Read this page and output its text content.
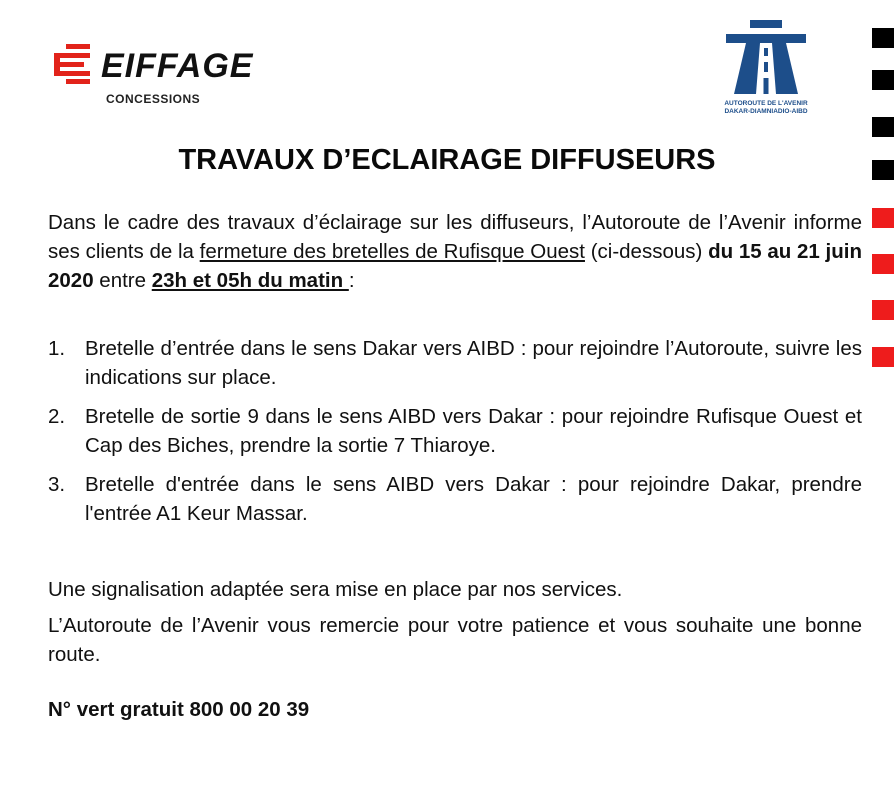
EIFFAGE
CONCESSIONS	AUTOROUTE DE L'AVENIR
DAKAR-DIAMNIADIO-AIBD
TRAVAUX D’ECLAIRAGE DIFFUSEURS

Dans le cadre des travaux d’éclairage sur les diffuseurs, l’Autoroute de l’Avenir informe ses clients de la fermeture des bretelles de Rufisque Ouest (ci-dessous) du 15 au 21 juin 2020 entre 23h et 05h du matin :

1. Bretelle d’entrée dans le sens Dakar vers AIBD : pour rejoindre l’Autoroute, suivre les indications sur place.
2. Bretelle de sortie 9 dans le sens AIBD vers Dakar : pour rejoindre Rufisque Ouest et Cap des Biches, prendre la sortie 7 Thiaroye.
3. Bretelle d'entrée dans le sens AIBD vers Dakar : pour rejoindre Dakar, prendre l'entrée A1 Keur Massar.

Une signalisation adaptée sera mise en place par nos services.

L’Autoroute de l’Avenir vous remercie pour votre patience et vous souhaite une bonne route.

N° vert gratuit 800 00 20 39
